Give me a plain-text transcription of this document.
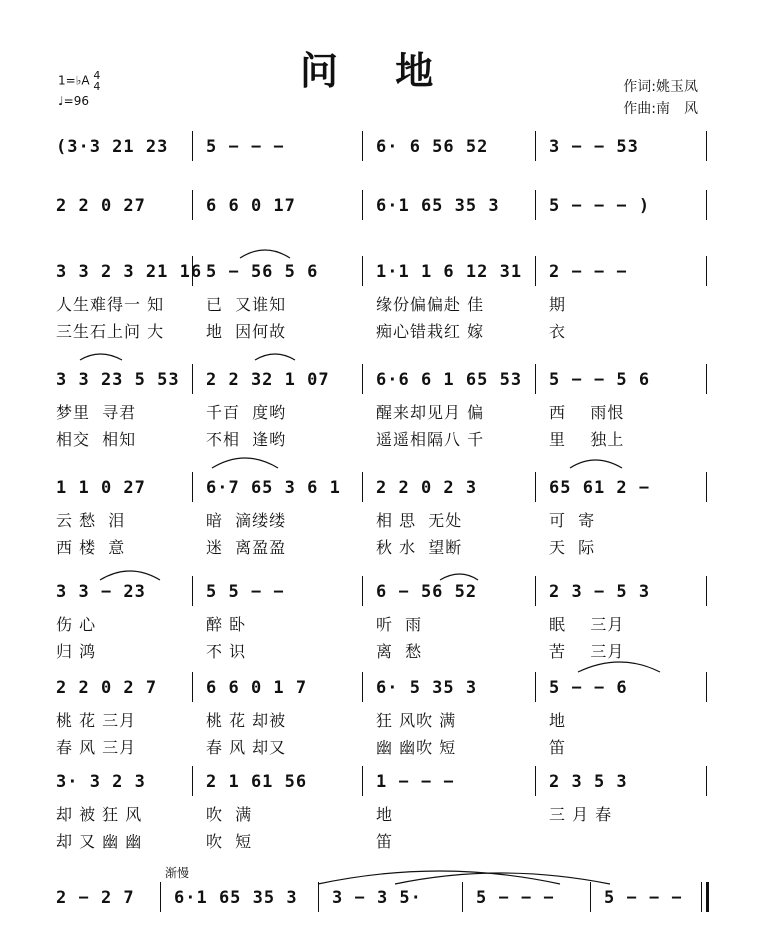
问 地
1=♭A 4
4
♩=96
作词:姚玉凤
作曲:南　风
渐慢
(3·3 21 23 5 − − −	6· 6 56 52	3 − − 53
2 2 0 27	6 6 0 17	6·1 65 35 3	5 − − − )
3 3 2 3 21 16
人生难得一 知
三生石上问 大
5 − 56 5 6
已  又谁知
地  因何故
1·1 1 6 12 31
缘份偏偏赴 佳
痴心错栽红 嫁
2 − − −
期
衣
3 3 23 5 53
梦里  寻君
相交  相知
2 2 32 1 07
千百  度哟
不相  逢哟
6·6 6 1 65 53
醒来却见月 偏
遥遥相隔八 千
5 − − 5 6
西    雨恨
里    独上
1 1 0 27
云 愁  泪
西 楼  意
6·7 65 3 6 1
暗  滴缕缕
迷  离盈盈
2 2 0 2 3
相 思  无处
秋 水  望断
65 61 2 −
可  寄
天  际
3 3 − 23
伤 心
归 鸿
5 5 − −
醉 卧
不 识
6 − 56 52
听  雨
离  愁
2 3 − 5 3
眠    三月
苦    三月
2 2 0 2 7
桃 花 三月
春 风 三月
6 6 0 1 7
桃 花 却被
春 风 却又
6· 5 35 3
狂 风吹 满
幽 幽吹 短
5 − − 6
地
笛
3· 3 2 3
却 被 狂 风
却 又 幽 幽
2 1 61 56
吹  满
吹  短
1 − − −
地
笛
2 3 5 3
三 月 春
2 − 2 7 6·1 65 35 3 3 − 3 5·	5 − − −	5 − − −
